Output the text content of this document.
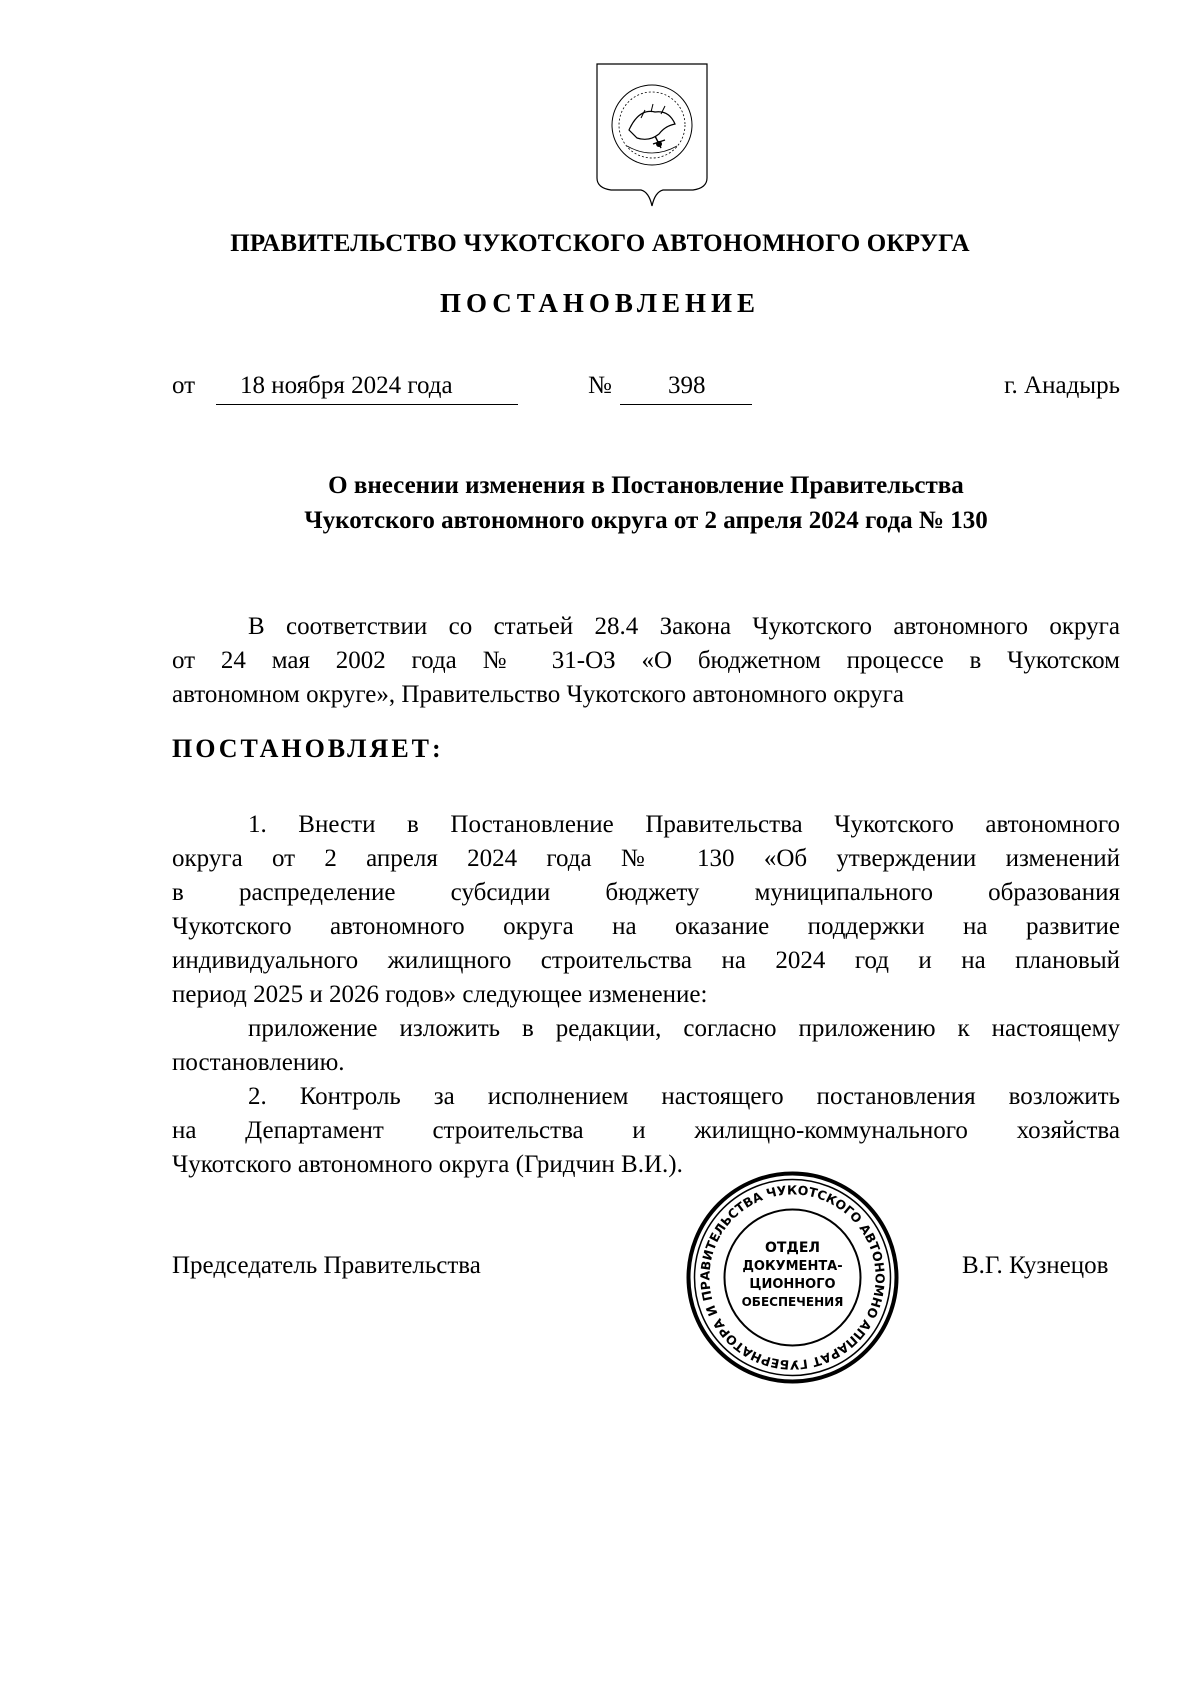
ПРАВИТЕЛЬСТВО ЧУКОТСКОГО АВТОНОМНОГО ОКРУГА
ПОСТАНОВЛЕНИЕ
от 18 ноября 2024 года	№ 398	г. Анадырь
О внесении изменения в Постановление Правительства
Чукотского автономного округа от 2 апреля 2024 года № 130
В соответствии со статьей 28.4 Закона Чукотского автономного округа
от 24 мая 2002 года № 31-ОЗ «О бюджетном процессе в Чукотском
автономном округе», Правительство Чукотского автономного округа
ПОСТАНОВЛЯЕТ:
1. Внести в Постановление Правительства Чукотского автономного
округа от 2 апреля 2024 года № 130 «Об утверждении изменений
в распределение субсидии бюджету муниципального образования
Чукотского автономного округа на оказание поддержки на развитие
индивидуального жилищного строительства на 2024 год и на плановый
период 2025 и 2026 годов» следующее изменение:
приложение изложить в редакции, согласно приложению к настоящему
постановлению.
2. Контроль за исполнением настоящего постановления возложить
на Департамент строительства и жилищно-коммунального хозяйства
Чукотского автономного округа (Гридчин В.И.).
Председатель Правительства
АППАРАТ ГУБЕРНАТОРА И ПРАВИТЕЛЬСТВА ЧУКОТСКОГО АВТОНОМНОГО
ОТДЕЛ
ДОКУМЕНТА-
ЦИОННОГО
ОБЕСПЕЧЕНИЯ
В.Г. Кузнецов
